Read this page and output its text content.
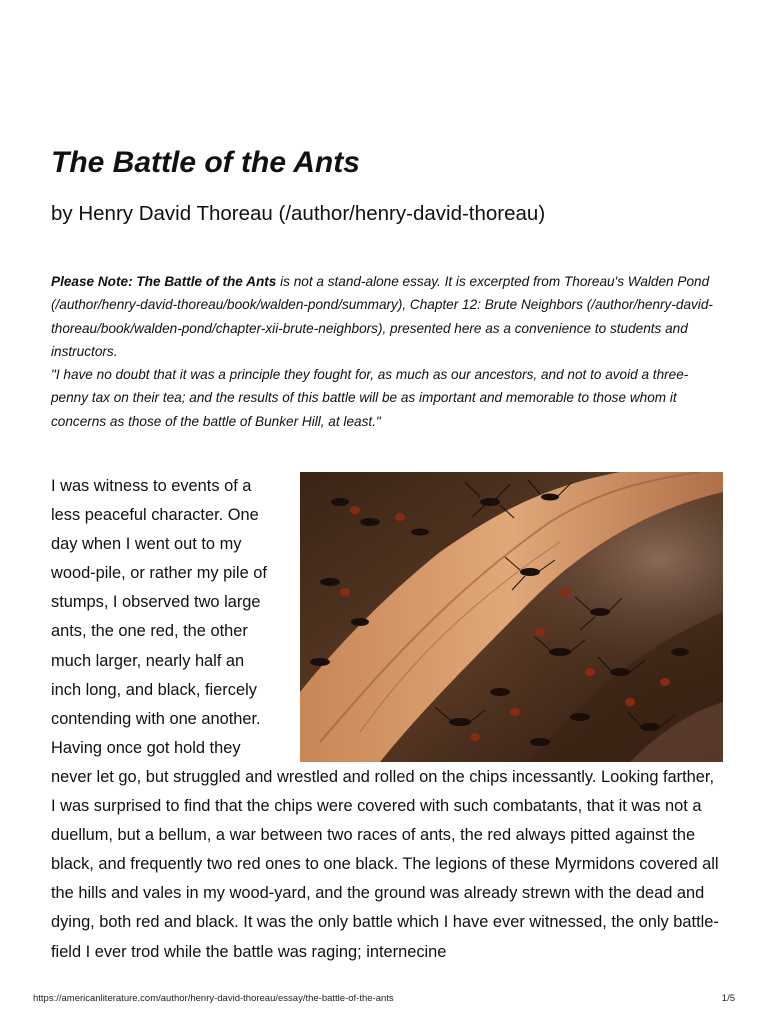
The Battle of the Ants
by Henry David Thoreau (/author/henry-david-thoreau)

Please Note: The Battle of the Ants is not a stand-alone essay. It is excerpted from Thoreau's Walden Pond (/author/henry-david-thoreau/book/walden-pond/summary), Chapter 12: Brute Neighbors (/author/henry-david-thoreau/book/walden-pond/chapter-xii-brute-neighbors), presented here as a convenience to students and instructors.

"I have no doubt that it was a principle they fought for, as much as our ancestors, and not to avoid a three-penny tax on their tea; and the results of this battle will be as important and memorable to those whom it concerns as those of the battle of Bunker Hill, at least."

I was witness to events of a less peaceful character. One day when I went out to my wood-pile, or rather my pile of stumps, I observed two large ants, the one red, the other much larger, nearly half an inch long, and black, fiercely contending with one another. Having once got hold they never let go, but struggled and wrestled and rolled on the chips incessantly. Looking farther, I was surprised to find that the chips were covered with such combatants, that it was not a duellum, but a bellum, a war between two races of ants, the red always pitted against the black, and frequently two red ones to one black. The legions of these Myrmidons covered all the hills and vales in my wood-yard, and the ground was already strewn with the dead and dying, both red and black. It was the only battle which I have ever witnessed, the only battle-field I ever trod while the battle was raging; internecine

https://americanliterature.com/author/henry-david-thoreau/essay/the-battle-of-the-ants	1/5
